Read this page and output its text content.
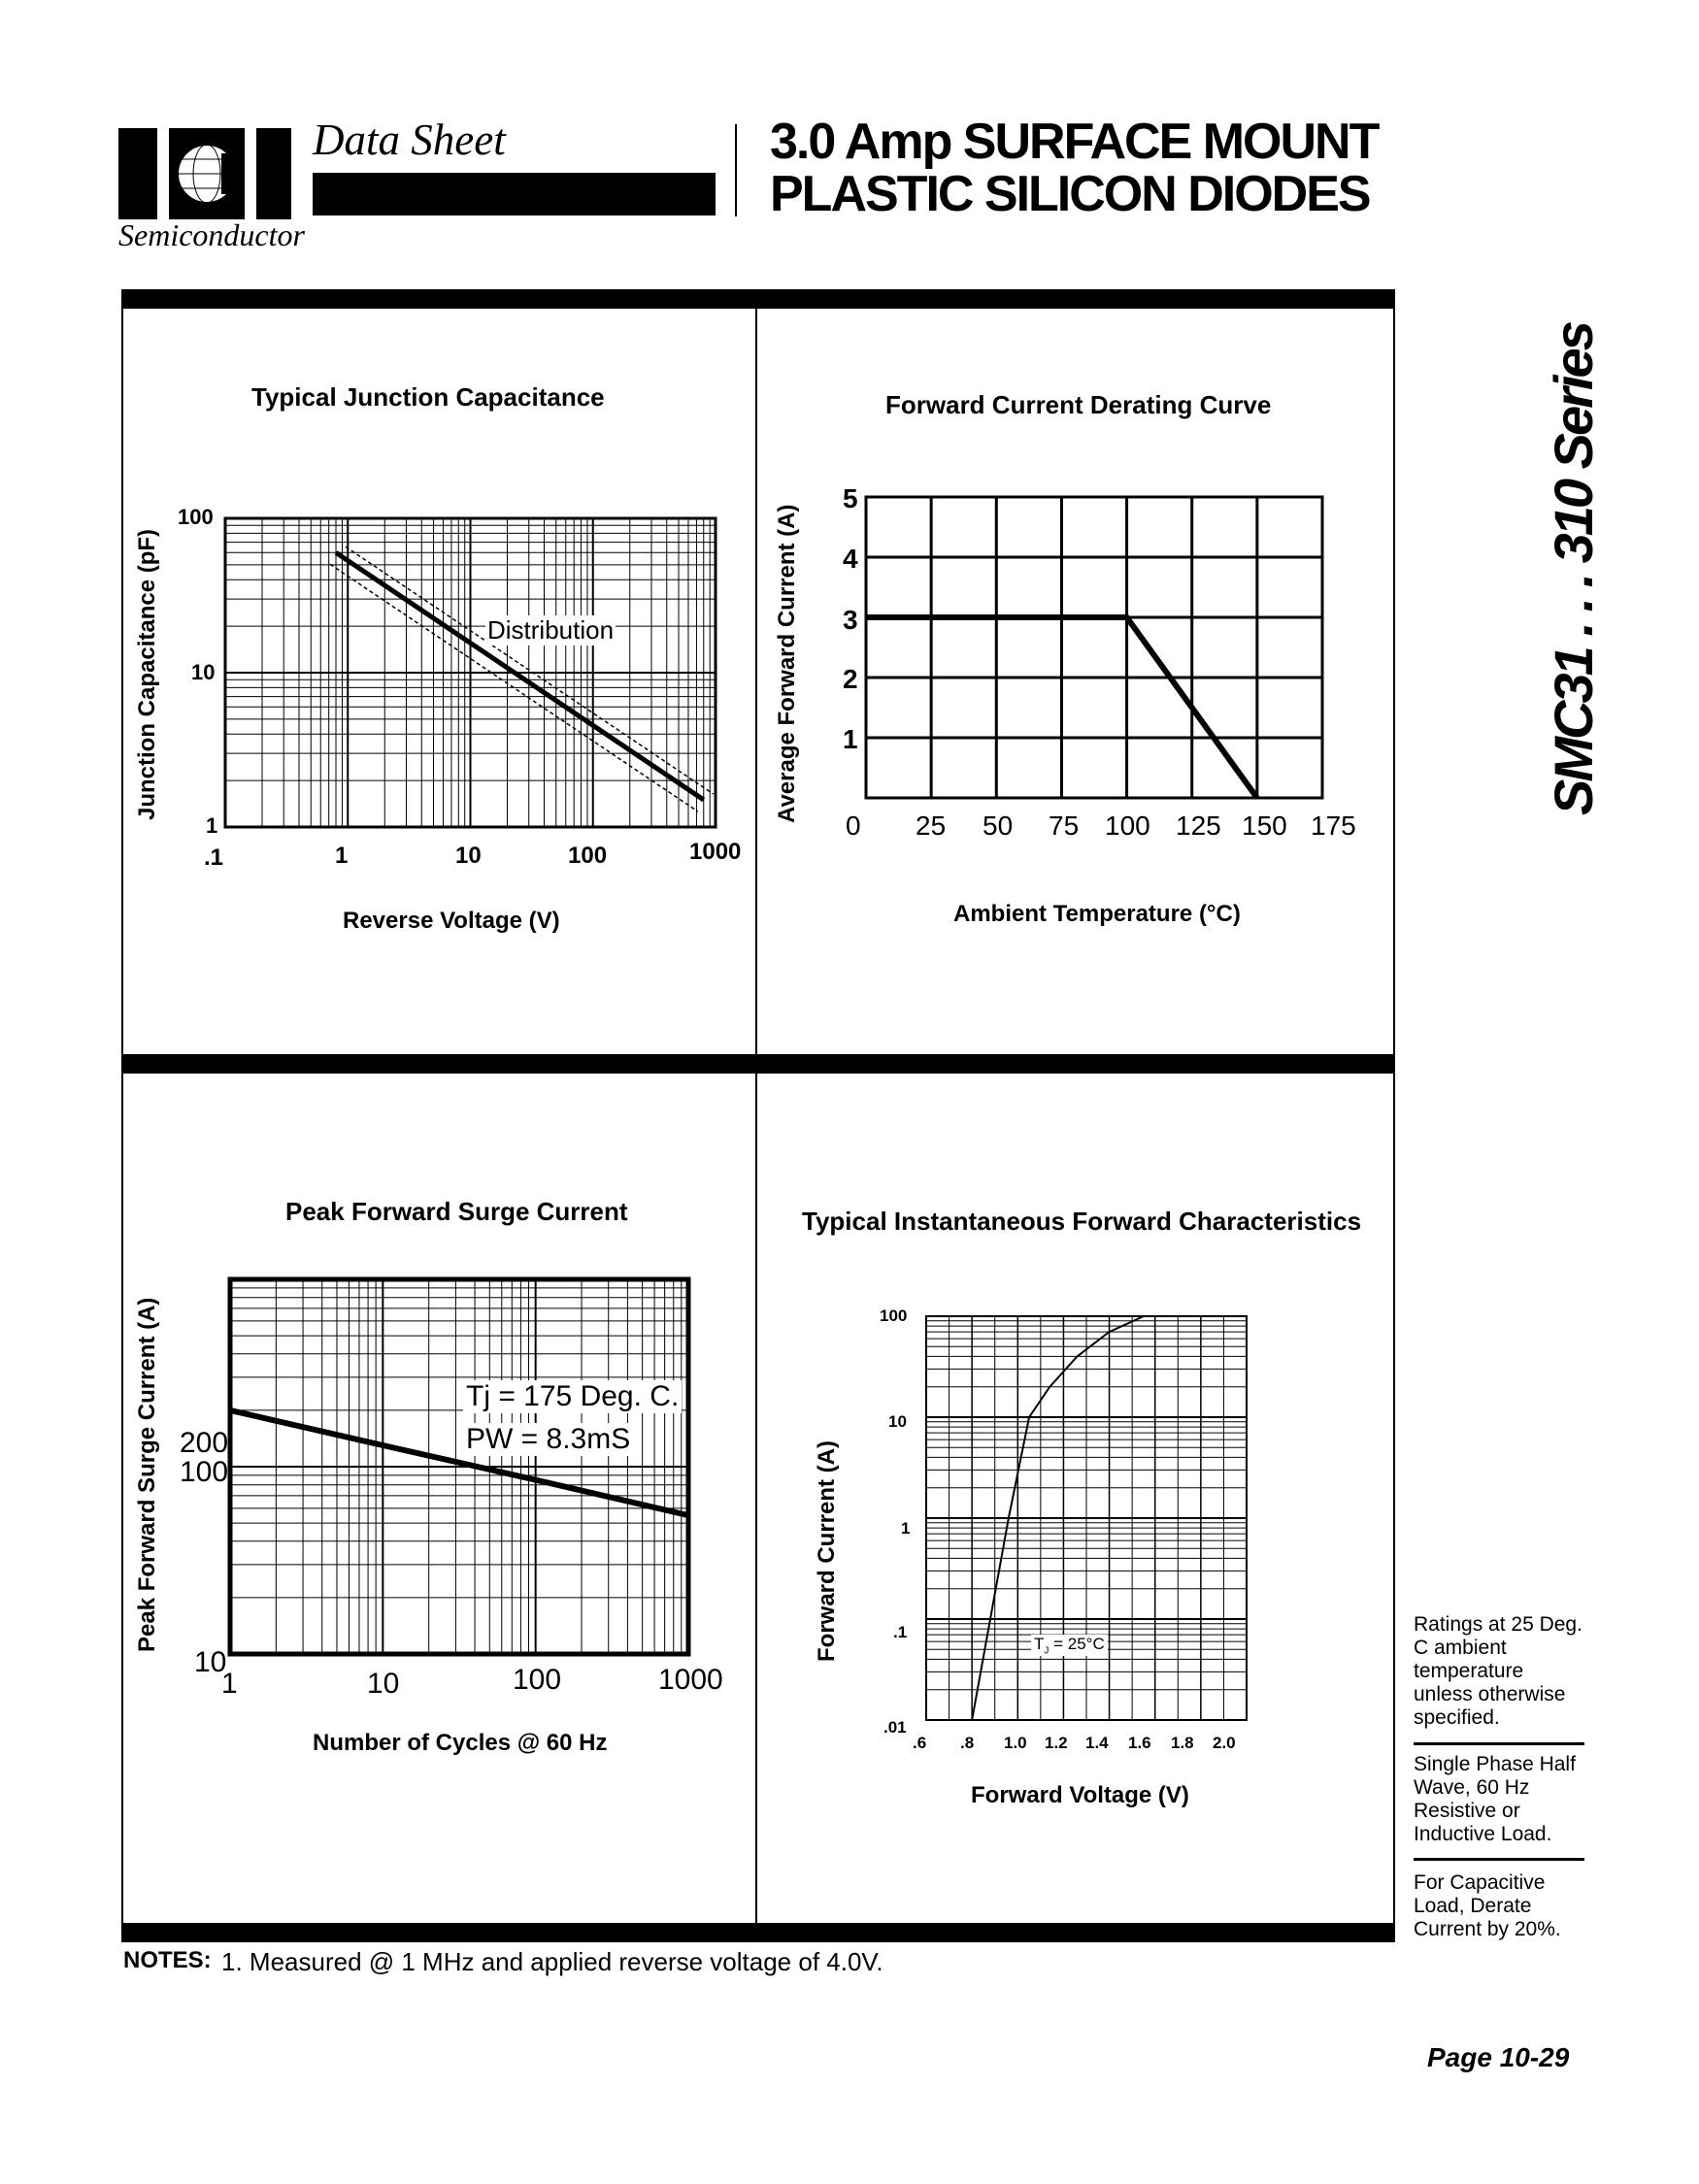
Data Sheet
Semiconductor
3.0 Amp SURFACE MOUNT
PLASTIC SILICON DIODES
SMC31 . . . 310 Series
Typical Junction Capacitance
100
10
1
.1	1	10	100	1000
Distribution
Junction Capacitance (pF)
Reverse Voltage (V)
Forward Current Derating Curve
5
4
3
2
1
0 25 50 75 100 125 150 175
Average Forward Current (A)
Ambient Temperature (°C)
Peak Forward Surge Current
200
100
10
1	10	100	1000
Tj = 175 Deg. C.
PW = 8.3mS
Peak Forward Surge Current (A)
Number of Cycles @ 60 Hz
Typical Instantaneous Forward Characteristics
100
10
1
.1
.01
.6 .8 1.0 1.2 1.4 1.6 1.8 2.0
$T_J = 25^\circ C$
Forward Current (A)
Forward Voltage (V)
Ratings at 25 Deg. C ambient temperature unless otherwise specified.
Single Phase Half Wave, 60 Hz Resistive or Inductive Load.
For Capacitive Load, Derate Current by 20%.
NOTES: 1. Measured @ 1 MHz and applied reverse voltage of 4.0V.
Page 10-29
